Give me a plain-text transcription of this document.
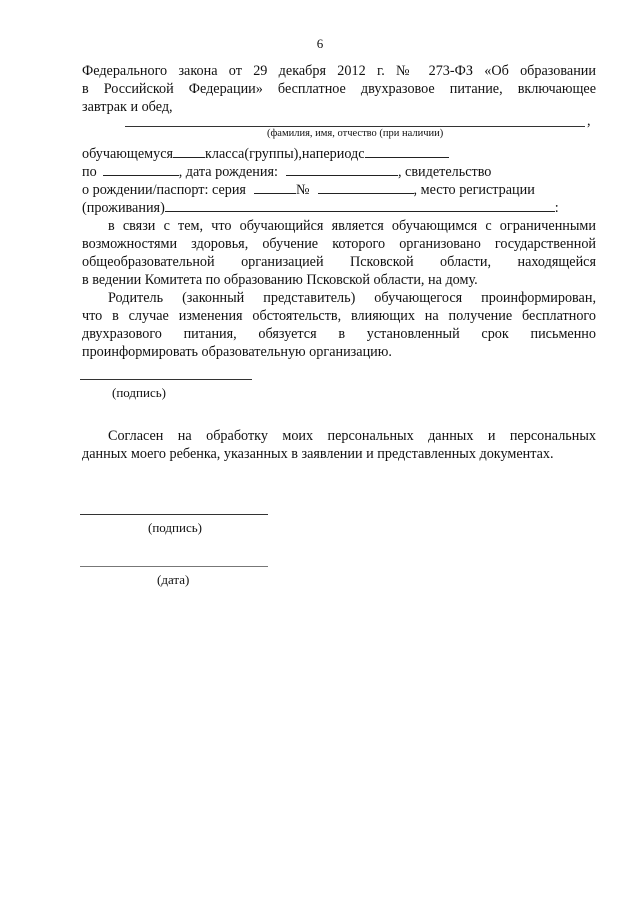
6
Федерального закона от 29 декабря 2012 г. № 273-ФЗ «Об образовании
в Российской Федерации» бесплатное двухразовое питание, включающее
завтрак и обед,
,
(фамилия, имя, отчество (при наличии)
обучающемуся класса (группы), на период с
по	, дата рождения:	, свидетельство
о рождении/паспорт: серия	№	, место регистрации
(проживания)	:
в связи с тем, что обучающийся является обучающимся с ограниченными
возможностями здоровья, обучение которого организовано государственной
общеобразовательной организацией Псковской области, находящейся
в ведении Комитета по образованию Псковской области, на дому.
Родитель (законный представитель) обучающегося проинформирован,
что в случае изменения обстоятельств, влияющих на получение бесплатного
двухразового питания, обязуется в установленный срок письменно
проинформировать образовательную организацию.
(подпись)
Согласен на обработку моих персональных данных и персональных
данных моего ребенка, указанных в заявлении и представленных документах.
(подпись)
(дата)
